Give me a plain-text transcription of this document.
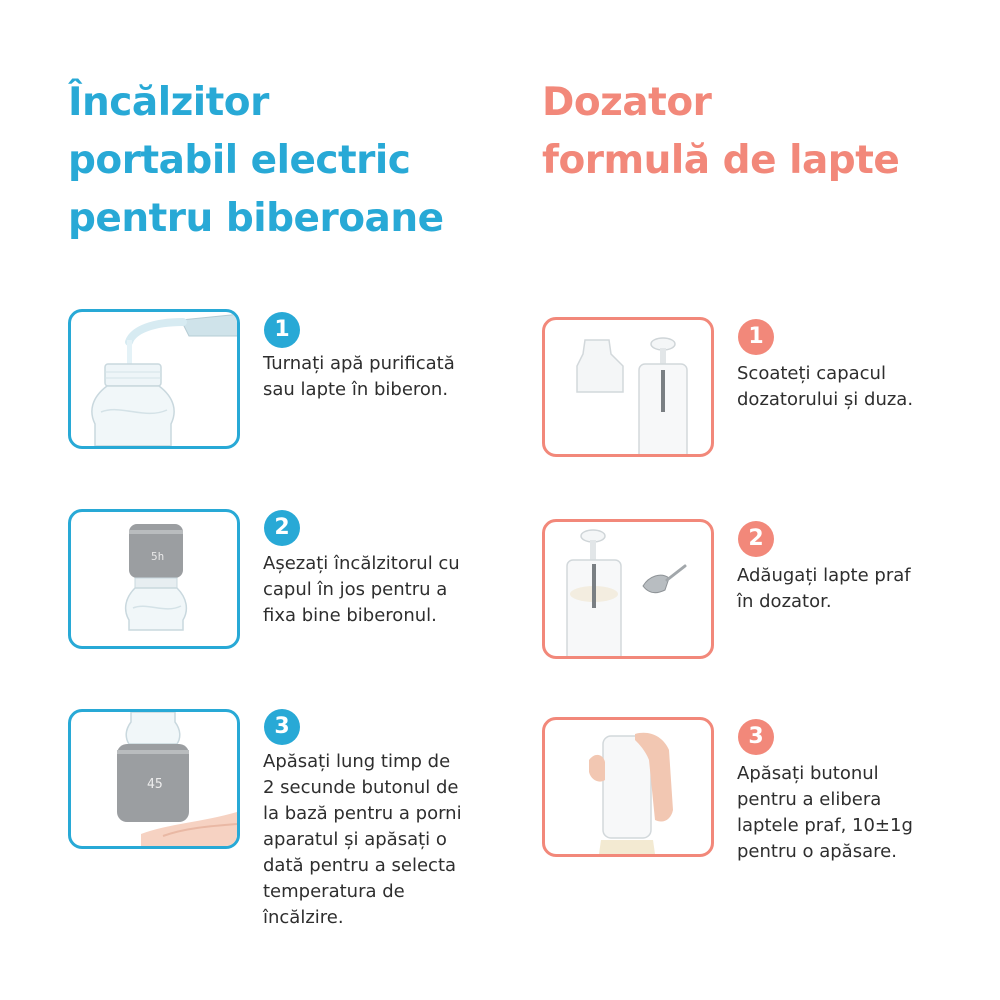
Încălzitor
portabil electric
pentru biberoane
Dozator
formulă de lapte
1

Turnați apă purificată
sau lapte în biberon.

5h
2

Așezați încălzitorul cu
capul în jos pentru a
fixa bine biberonul.

45
3

Apăsați lung timp de
2 secunde butonul de
la bază pentru a porni
aparatul și apăsați o
dată pentru a selecta
temperatura de
încălzire.

1

Scoateți capacul
dozatorului și duza.

2

Adăugați lapte praf
în dozator.

3

Apăsați butonul
pentru a elibera
laptele praf, 10±1g
pentru o apăsare.
